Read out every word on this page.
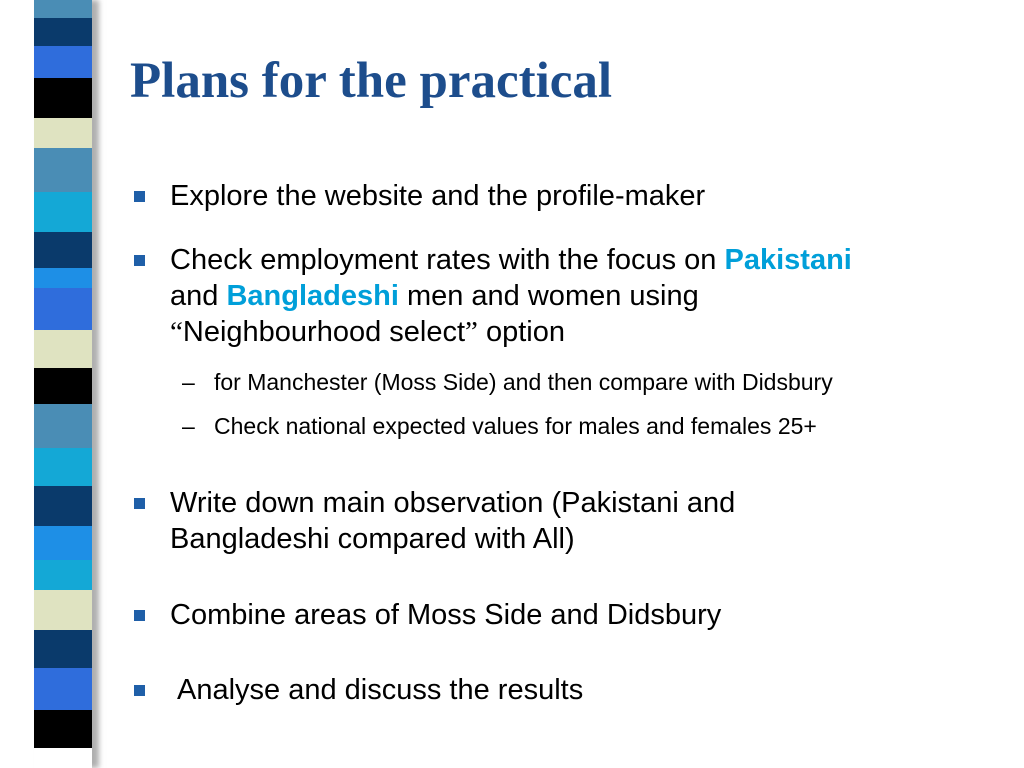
Plans for the practical
Explore the website and the profile-maker
Check employment rates with the focus on Pakistani
and Bangladeshi men and women using
“Neighbourhood select” option
– for Manchester (Moss Side) and then compare with Didsbury
– Check national expected values for males and females 25+
Write down main observation (Pakistani and
Bangladeshi compared with All)
Combine areas of Moss Side and Didsbury
Analyse and discuss the results
